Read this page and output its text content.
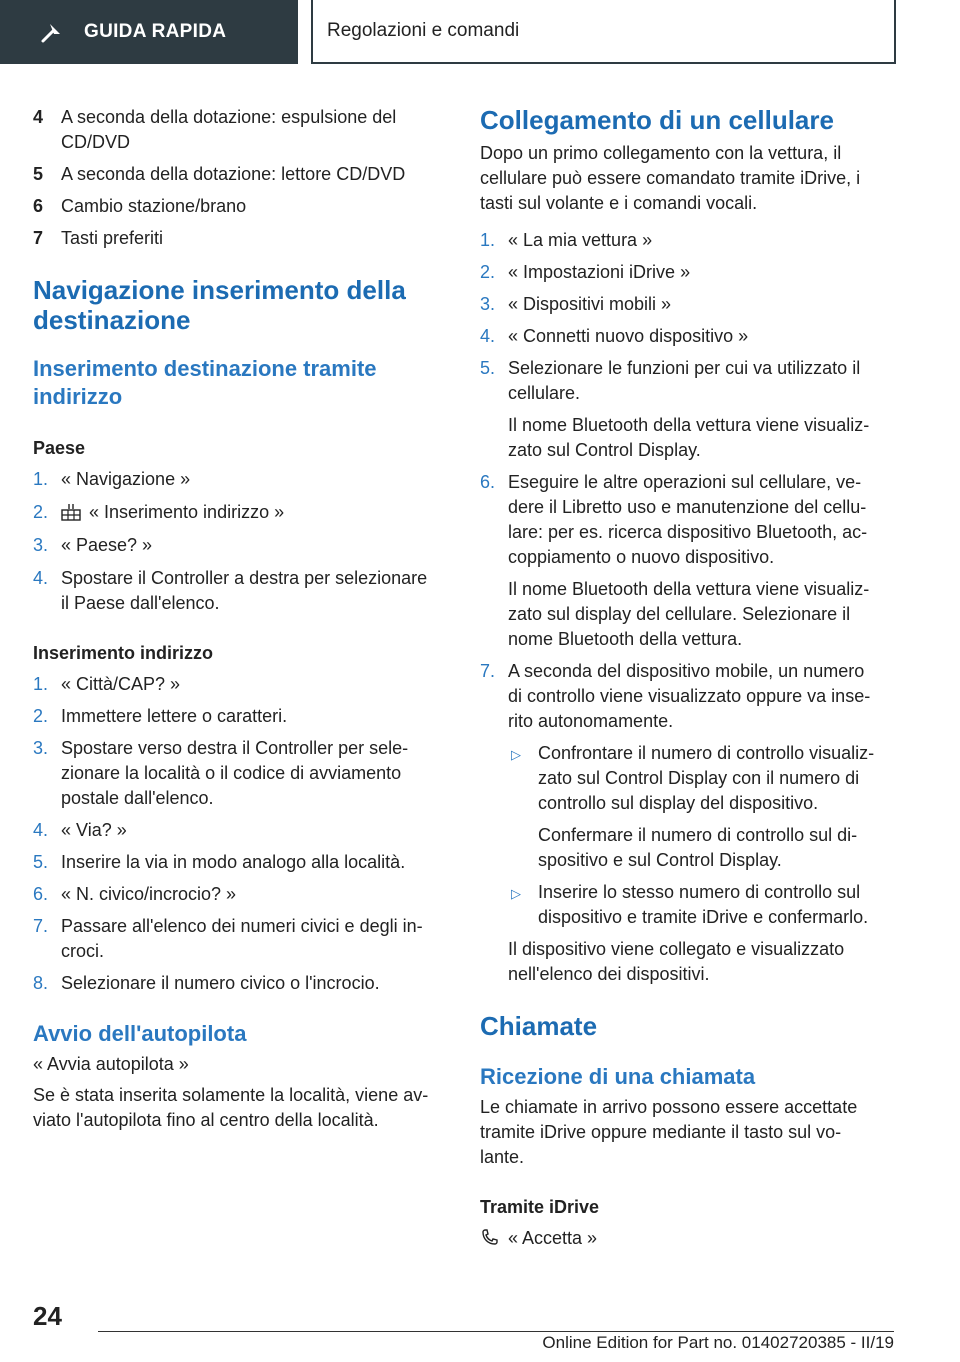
GUIDA RAPIDA	Regolazioni e comandi
4 A seconda della dotazione: espulsione del
CD/DVD
5 A seconda della dotazione: lettore CD/DVD
6 Cambio stazione/brano
7 Tasti preferiti
Navigazione inserimento della
destinazione
Inserimento destinazione tramite
indirizzo
Paese
1. « Navigazione »
2.	« Inserimento indirizzo »
3. « Paese? »
4. Spostare il Controller a destra per selezionare
il Paese dall'elenco.
Inserimento indirizzo
1. « Città/CAP? »
2. Immettere lettere o caratteri.
3. Spostare verso destra il Controller per sele-
zionare la località o il codice di avviamento
postale dall'elenco.
4. « Via? »
5. Inserire la via in modo analogo alla località.
6. « N. civico/incrocio? »
7. Passare all'elenco dei numeri civici e degli in-
croci.
8. Selezionare il numero civico o l'incrocio.
Avvio dell'autopilota
« Avvia autopilota »
Se è stata inserita solamente la località, viene av-
viato l'autopilota fino al centro della località.
Collegamento di un cellulare
Dopo un primo collegamento con la vettura, il
cellulare può essere comandato tramite iDrive, i
tasti sul volante e i comandi vocali.
1. « La mia vettura »
2. « Impostazioni iDrive »
3. « Dispositivi mobili »
4. « Connetti nuovo dispositivo »
5. Selezionare le funzioni per cui va utilizzato il
cellulare.
Il nome Bluetooth della vettura viene visualiz-
zato sul Control Display.
6. Eseguire le altre operazioni sul cellulare, ve-
dere il Libretto uso e manutenzione del cellu-
lare: per es. ricerca dispositivo Bluetooth, ac-
coppiamento o nuovo dispositivo.
Il nome Bluetooth della vettura viene visualiz-
zato sul display del cellulare. Selezionare il
nome Bluetooth della vettura.
7. A seconda del dispositivo mobile, un numero
di controllo viene visualizzato oppure va inse-
rito autonomamente.
▷ Confrontare il numero di controllo visualiz-
zato sul Control Display con il numero di
controllo sul display del dispositivo.
Confermare il numero di controllo sul di-
spositivo e sul Control Display.
▷ Inserire lo stesso numero di controllo sul
dispositivo e tramite iDrive e confermarlo.
Il dispositivo viene collegato e visualizzato
nell'elenco dei dispositivi.
Chiamate
Ricezione di una chiamata
Le chiamate in arrivo possono essere accettate
tramite iDrive oppure mediante il tasto sul vo-
lante.
Tramite iDrive
« Accetta »
24
Online Edition for Part no. 01402720385 - II/19
